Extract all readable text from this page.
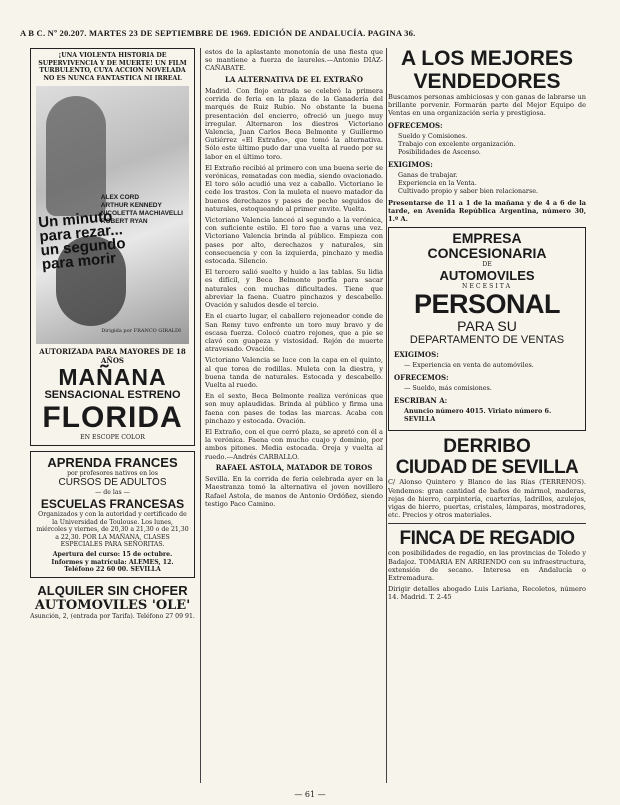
A B C. Nº 20.207. MARTES 23 DE SEPTIEMBRE DE 1969. EDICIÓN DE ANDALUCÍA. PAGINA 36.
¡UNA VIOLENTA HISTORIA DE SUPERVIVENCIA Y DE MUERTE! UN FILM TURBULENTO, CUYA ACCION NOVELADA NO ES NUNCA FANTASTICA NI IRREAL
ALEX CORD
ARTHUR KENNEDY
NICOLETTA MACHIAVELLI
ROBERT RYAN
Un minuto para rezar... un segundo para morir
Dirigida por FRANCO GIRALDI
AUTORIZADA PARA MAYORES DE 18 AÑOS
MAÑANA
SENSACIONAL ESTRENO
FLORIDA
EN ESCOPE COLOR
APRENDA FRANCES
por profesores nativos en los
CURSOS DE ADULTOS
— de las —
ESCUELAS FRANCESAS
Organizados y con la autoridad y certificado de la Universidad de Toulouse. Los lunes, miércoles y viernes, de 20,30 a 21,30 o de 21,30 a 22,30. POR LA MAÑANA, CLASES ESPECIALES PARA SEÑORITAS.
Apertura del curso: 15 de octubre. Informes y matrícula: ALEMES, 12. Teléfono 22 60 00. SEVILLA
ALQUILER SIN CHOFER
AUTOMOVILES 'OLE'
Asunción, 2, (entrada por Tarifa). Teléfono 27 09 91.

estos de la aplastante monotonía de una fiesta que se mantiene a fuerza de laureles.—Antonio DIAZ-CAÑABATE.

LA ALTERNATIVA DE EL EXTRAÑO

Madrid. Con flojo entrada se celebró la primera corrida de feria en la plaza de la Ganadería del marqués de Ruiz Rubio. No obstante la buena presentación del encierro, ofreció un juego muy irregular. Alternaron los diestros Victoriano Valencia, Juan Carlos Beca Belmonte y Guillermo Gutiérrez «El Extraño», que tomó la alternativa. Sólo este último pudo dar una vuelta al ruedo por su labor en el último toro.

El Extraño recibió al primero con una buena serie de verónicas, rematadas con media, siendo ovacionado. El toro sólo acudió una vez a caballo. Victoriano le cede los trastos. Con la muleta el nuevo matador da buenos derechazos y pases de pecho seguidos de naturales, estoqueando al primer envite. Vuelta.

Victoriano Valencia lanceó al segundo a la verónica, con suficiente estilo. El toro fue a varas una vez. Victoriano Valencia brinda al público. Empieza con pases por alto, derechazos y naturales, sin consecuencia y con la izquierda, pinchazo y media estocada. Silencio.

El tercero salió suelto y huido a las tablas. Su lidia es difícil, y Beca Belmonte porfía para sacar naturales con muchas dificultades. Tiene que abreviar la faena. Cuatro pinchazos y descabello. Ovación y saludos desde el tercio.

En el cuarto lugar, el caballero rejoneador conde de San Remy tuvo enfrente un toro muy bravo y de escasa fuerza. Colocó cuatro rejones, que a pie se clavó con guapeza y vistosidad. Rejón de muerte atravesado. Ovación.

Victoriano Valencia se luce con la capa en el quinto, al que torea de rodillas. Muleta con la diestra, y buena tanda de naturales. Estocada y descabello. Vuelta al ruedo.

En el sexto, Beca Belmonte realiza verónicas que son muy aplaudidas. Brinda al público y firma una faena con pases de todas las marcas. Acaba con pinchazo y estocada. Ovación.

El Extraño, con el que cerró plaza, se apretó con él a la verónica. Faena con mucho cuajo y dominio, por ambos pitones. Media estocada. Oreja y vuelta al ruedo.—Andrés CARBALLO.

RAFAEL ASTOLA, MATADOR DE TOROS

Sevilla. En la corrida de feria celebrada ayer en la Maestranza tomó la alternativa el joven novillero Rafael Astola, de manos de Antonio Ordóñez, siendo testigo Paco Camino.

A LOS MEJORES
VENDEDORES

Buscamos personas ambiciosas y con ganas de labrarse un brillante porvenir. Formarán parte del Mejor Equipo de Ventas en una organización seria y prestigiosa.

OFRECEMOS:
Sueldo y Comisiones.
Trabajo con excelente organización.
Posibilidades de Ascenso.
EXIGIMOS:
Ganas de trabajar.
Experiencia en la Venta.
Cultivado propio y saber bien relacionarse.

Presentarse de 11 a 1 de la mañana y de 4 a 6 de la tarde, en Avenida República Argentina, número 30, 1.º A.

EMPRESA
CONCESIONARIA
DE
AUTOMOVILES
NECESITA
PERSONAL
PARA SU
DEPARTAMENTO DE VENTAS
EXIGIMOS:
— Experiencia en venta de automóviles.
OFRECEMOS:
— Sueldo, más comisiones.
ESCRIBAN A:
Anuncio número 4015. Viriato número 6. SEVILLA
DERRIBO
CIUDAD DE SEVILLA

C/ Alonso Quintero y Blanco de las Rías (TERRENOS). Vendemos: gran cantidad de baños de mármol, maderas, rejas de hierro, carpintería, cuarterías, ladrillos, azulejos, vigas de hierro, puertas, cristales, lámparas, mostradores, etc. Precios y otros materiales.

FINCA DE REGADIO

con posibilidades de regadío, en las provincias de Toledo y Badajoz. TOMARIA EN ARRIENDO con su infraestructura, extensión de secano. Interesa en Andalucía o Extremadura.

Dirigir detalles abogado Luis Lariana, Recoletos, número 14. Madrid. T. 2-45

— 61 —
